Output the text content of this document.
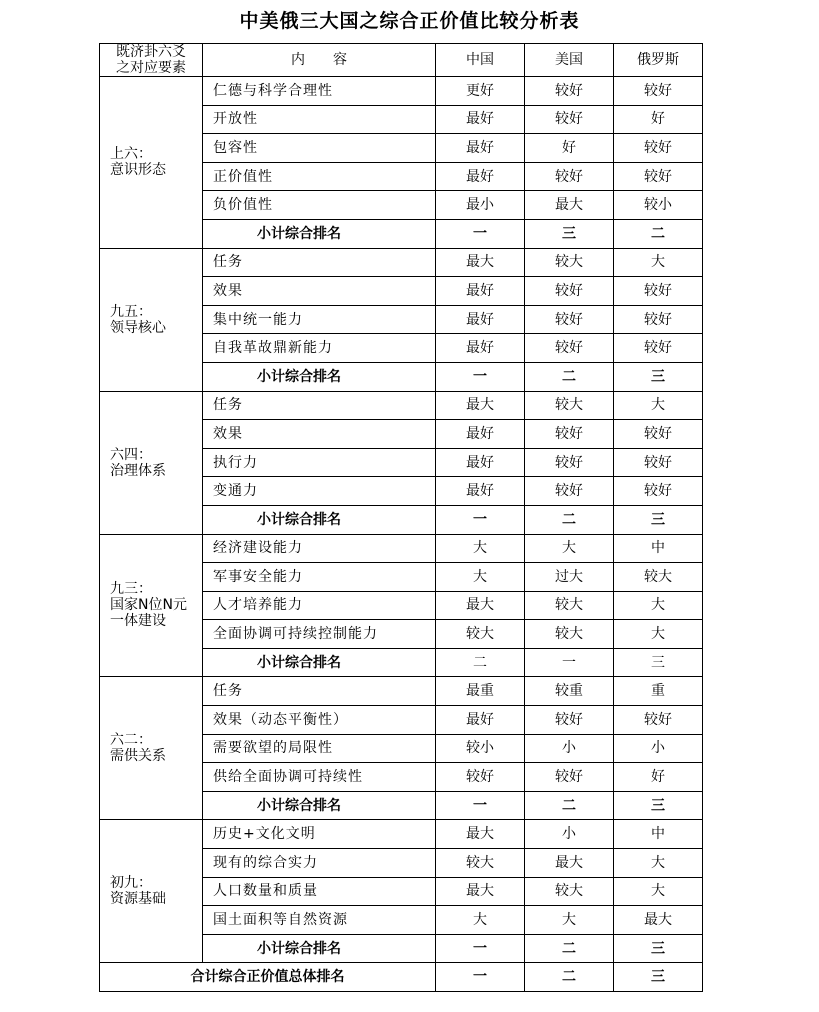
中美俄三大国之综合正价值比较分析表
既济卦六爻
之对应要素	内　　容	中国	美国	俄罗斯

上六：
意识形态	仁德与科学合理性	更好	较好	较好
	开放性	最好	较好	好
	包容性	最好	好	较好
	正价值性	最好	较好	较好
	负价值性	最小	最大	较小
	小计综合排名	一	三	二

九五：
领导核心	任务	最大	较大	大
	效果	最好	较好	较好
	集中统一能力	最好	较好	较好
	自我革故鼎新能力	最好	较好	较好
	小计综合排名	一	二	三

六四：
治理体系	任务	最大	较大	大
	效果	最好	较好	较好
	执行力	最好	较好	较好
	变通力	最好	较好	较好
	小计综合排名	一	二	三

九三：
国家N位N元
一体建设	经济建设能力	大	大	中
	军事安全能力	大	过大	较大
	人才培养能力	最大	较大	大
	全面协调可持续控制能力	较大	较大	大
	小计综合排名	二	一	三

六二：
需供关系	任务	最重	较重	重
	效果（动态平衡性）	最好	较好	较好
	需要欲望的局限性	较小	小	小
	供给全面协调可持续性	较好	较好	好
	小计综合排名	一	二	三

初九：
资源基础	历史+文化文明	最大	小	中
	现有的综合实力	较大	最大	大
	人口数量和质量	最大	较大	大
	国土面积等自然资源	大	大	最大
	小计综合排名	一	二	三
合计综合正价值总体排名		一	二	三
